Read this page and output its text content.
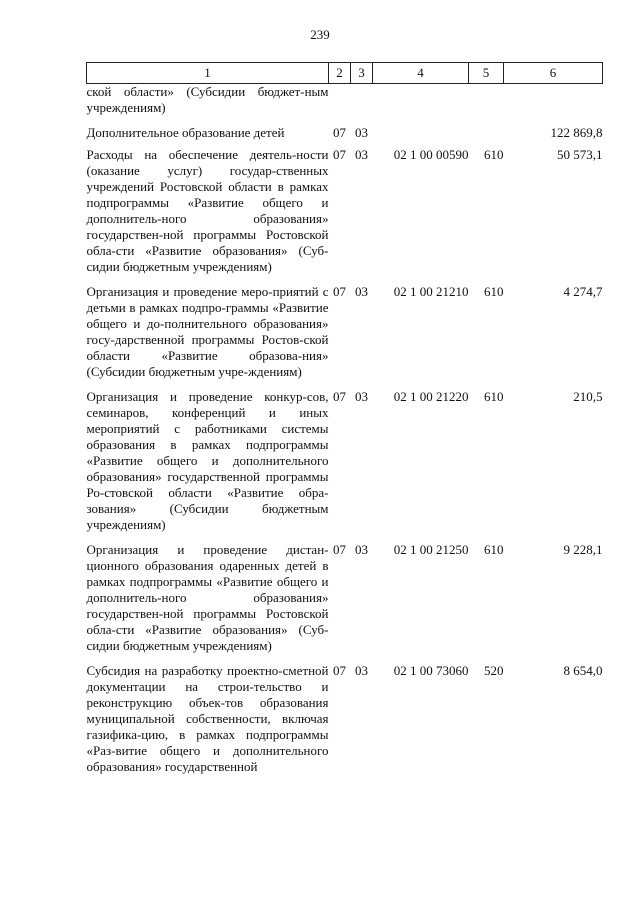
239
1	2	3	4	5	6
ской области» (Субсидии бюджет-ным учреждениям)					

Дополнительное образование детей	07	03			122 869,8

Расходы на обеспечение деятель-ности (оказание услуг) государ-ственных учреждений Ростовской области в рамках подпрограммы «Развитие общего и дополнитель-ного образования» государствен-ной программы Ростовской обла-сти «Развитие образования» (Суб-сидии бюджетным учреждениям)	07	03	02 1 00 00590	610	50 573,1

Организация и проведение меро-приятий с детьми в рамках подпро-граммы «Развитие общего и до-полнительного образования» госу-дарственной программы Ростов-ской области «Развитие образова-ния» (Субсидии бюджетным учре-ждениям)	07	03	02 1 00 21210	610	4 274,7

Организация и проведение конкур-сов, семинаров, конференций и иных мероприятий с работниками системы образования в рамках подпрограммы «Развитие общего и дополнительного образования» государственной программы Ро-стовской области «Развитие обра-зования» (Субсидии бюджетным учреждениям)	07	03	02 1 00 21220	610	210,5

Организация и проведение дистан-ционного образования одаренных детей в рамках подпрограммы «Развитие общего и дополнитель-ного образования» государствен-ной программы Ростовской обла-сти «Развитие образования» (Суб-сидии бюджетным учреждениям)	07	03	02 1 00 21250	610	9 228,1

Субсидия на разработку проектно-сметной документации на строи-тельство и реконструкцию объек-тов образования муниципальной собственности, включая газифика-цию, в рамках подпрограммы «Раз-витие общего и дополнительного образования» государственной	07	03	02 1 00 73060	520	8 654,0
